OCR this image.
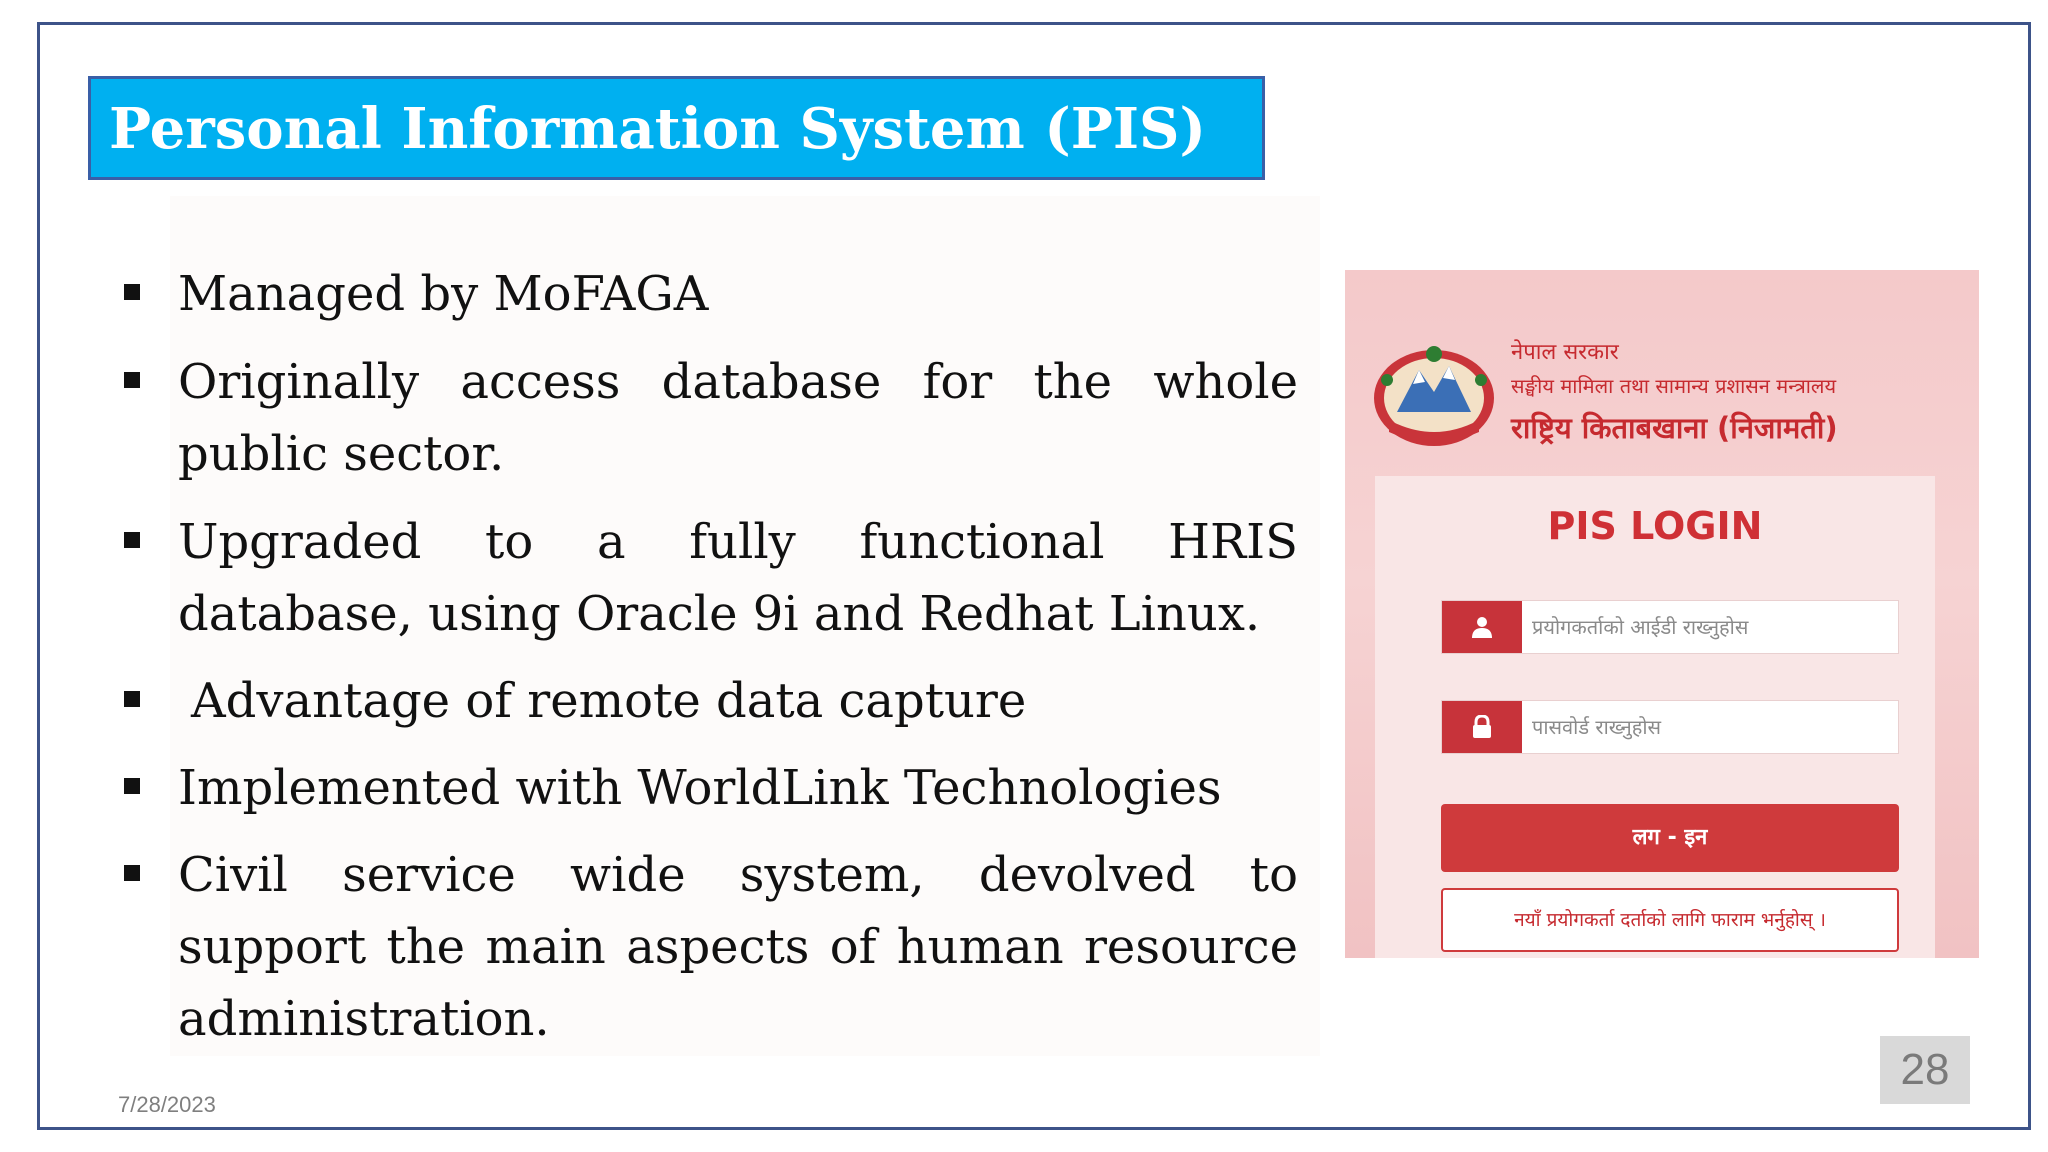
Personal Information System (PIS)
Managed by MoFAGA
Originally access database for the whole public sector.
Upgraded to a fully functional HRIS database, using Oracle 9i and Redhat Linux.
Advantage of remote data capture
Implemented with WorldLink Technologies
Civil service wide system, devolved to support the main aspects of human resource administration.
नेपाल सरकार
सङ्घीय मामिला तथा सामान्य प्रशासन मन्त्रालय
राष्ट्रिय किताबखाना (निजामती)
PIS LOGIN
प्रयोगकर्ताको आईडी राख्नुहोस
पासवोर्ड राख्नुहोस
लग - इन
नयाँ प्रयोगकर्ता दर्ताको लागि फाराम भर्नुहोस् ।
7/28/2023
28
